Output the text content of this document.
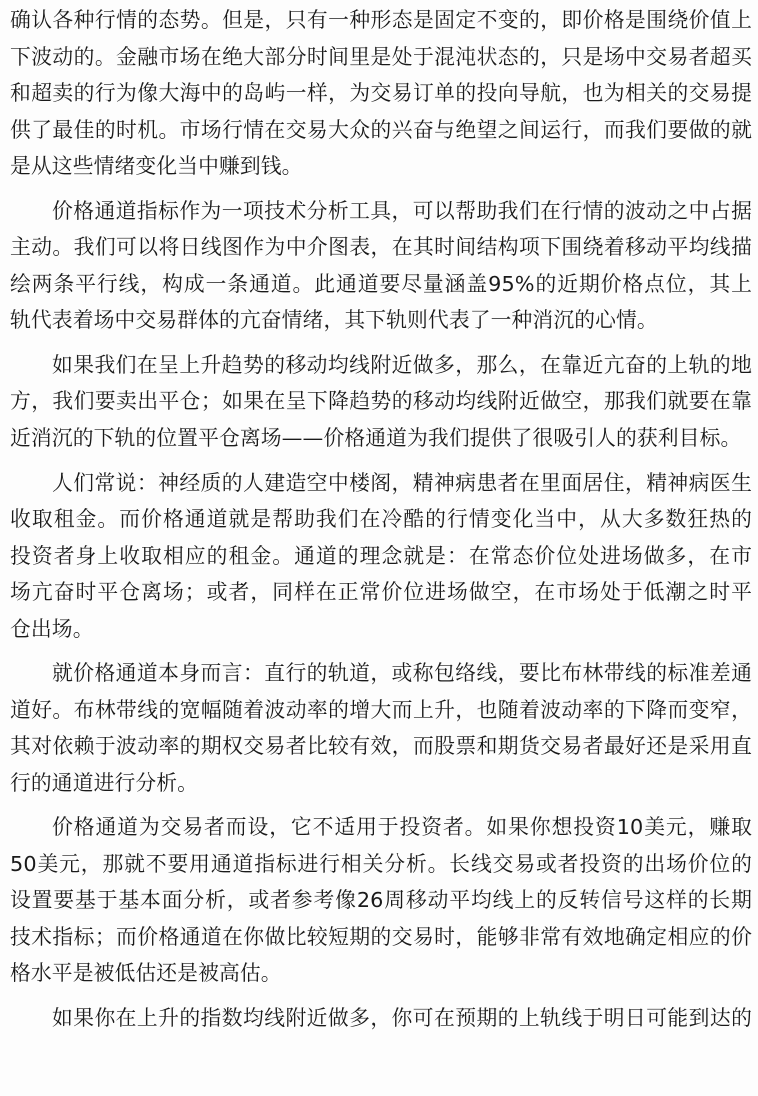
确认各种行情的态势。但是，只有一种形态是固定不变的，即价格是围绕价值上
下波动的。金融市场在绝大部分时间里是处于混沌状态的，只是场中交易者超买
和超卖的行为像大海中的岛屿一样，为交易订单的投向导航，也为相关的交易提
供了最佳的时机。市场行情在交易大众的兴奋与绝望之间运行，而我们要做的就
是从这些情绪变化当中赚到钱。
价格通道指标作为一项技术分析工具，可以帮助我们在行情的波动之中占据
主动。我们可以将日线图作为中介图表，在其时间结构项下围绕着移动平均线描
绘两条平行线，构成一条通道。此通道要尽量涵盖95%的近期价格点位，其上
轨代表着场中交易群体的亢奋情绪，其下轨则代表了一种消沉的心情。
如果我们在呈上升趋势的移动均线附近做多，那么，在靠近亢奋的上轨的地
方，我们要卖出平仓；如果在呈下降趋势的移动均线附近做空，那我们就要在靠
近消沉的下轨的位置平仓离场——价格通道为我们提供了很吸引人的获利目标。
人们常说：神经质的人建造空中楼阁，精神病患者在里面居住，精神病医生
收取租金。而价格通道就是帮助我们在冷酷的行情变化当中，从大多数狂热的
投资者身上收取相应的租金。通道的理念就是：在常态价位处进场做多，在市
场亢奋时平仓离场；或者，同样在正常价位进场做空，在市场处于低潮之时平
仓出场。
就价格通道本身而言：直行的轨道，或称包络线，要比布林带线的标准差通
道好。布林带线的宽幅随着波动率的增大而上升，也随着波动率的下降而变窄，
其对依赖于波动率的期权交易者比较有效，而股票和期货交易者最好还是采用直
行的通道进行分析。
价格通道为交易者而设，它不适用于投资者。如果你想投资10美元，赚取
50美元，那就不要用通道指标进行相关分析。长线交易或者投资的出场价位的
设置要基于基本面分析，或者参考像26周移动平均线上的反转信号这样的长期
技术指标；而价格通道在你做比较短期的交易时，能够非常有效地确定相应的价
格水平是被低估还是被高估。
如果你在上升的指数均线附近做多，你可在预期的上轨线于明日可能到达的
